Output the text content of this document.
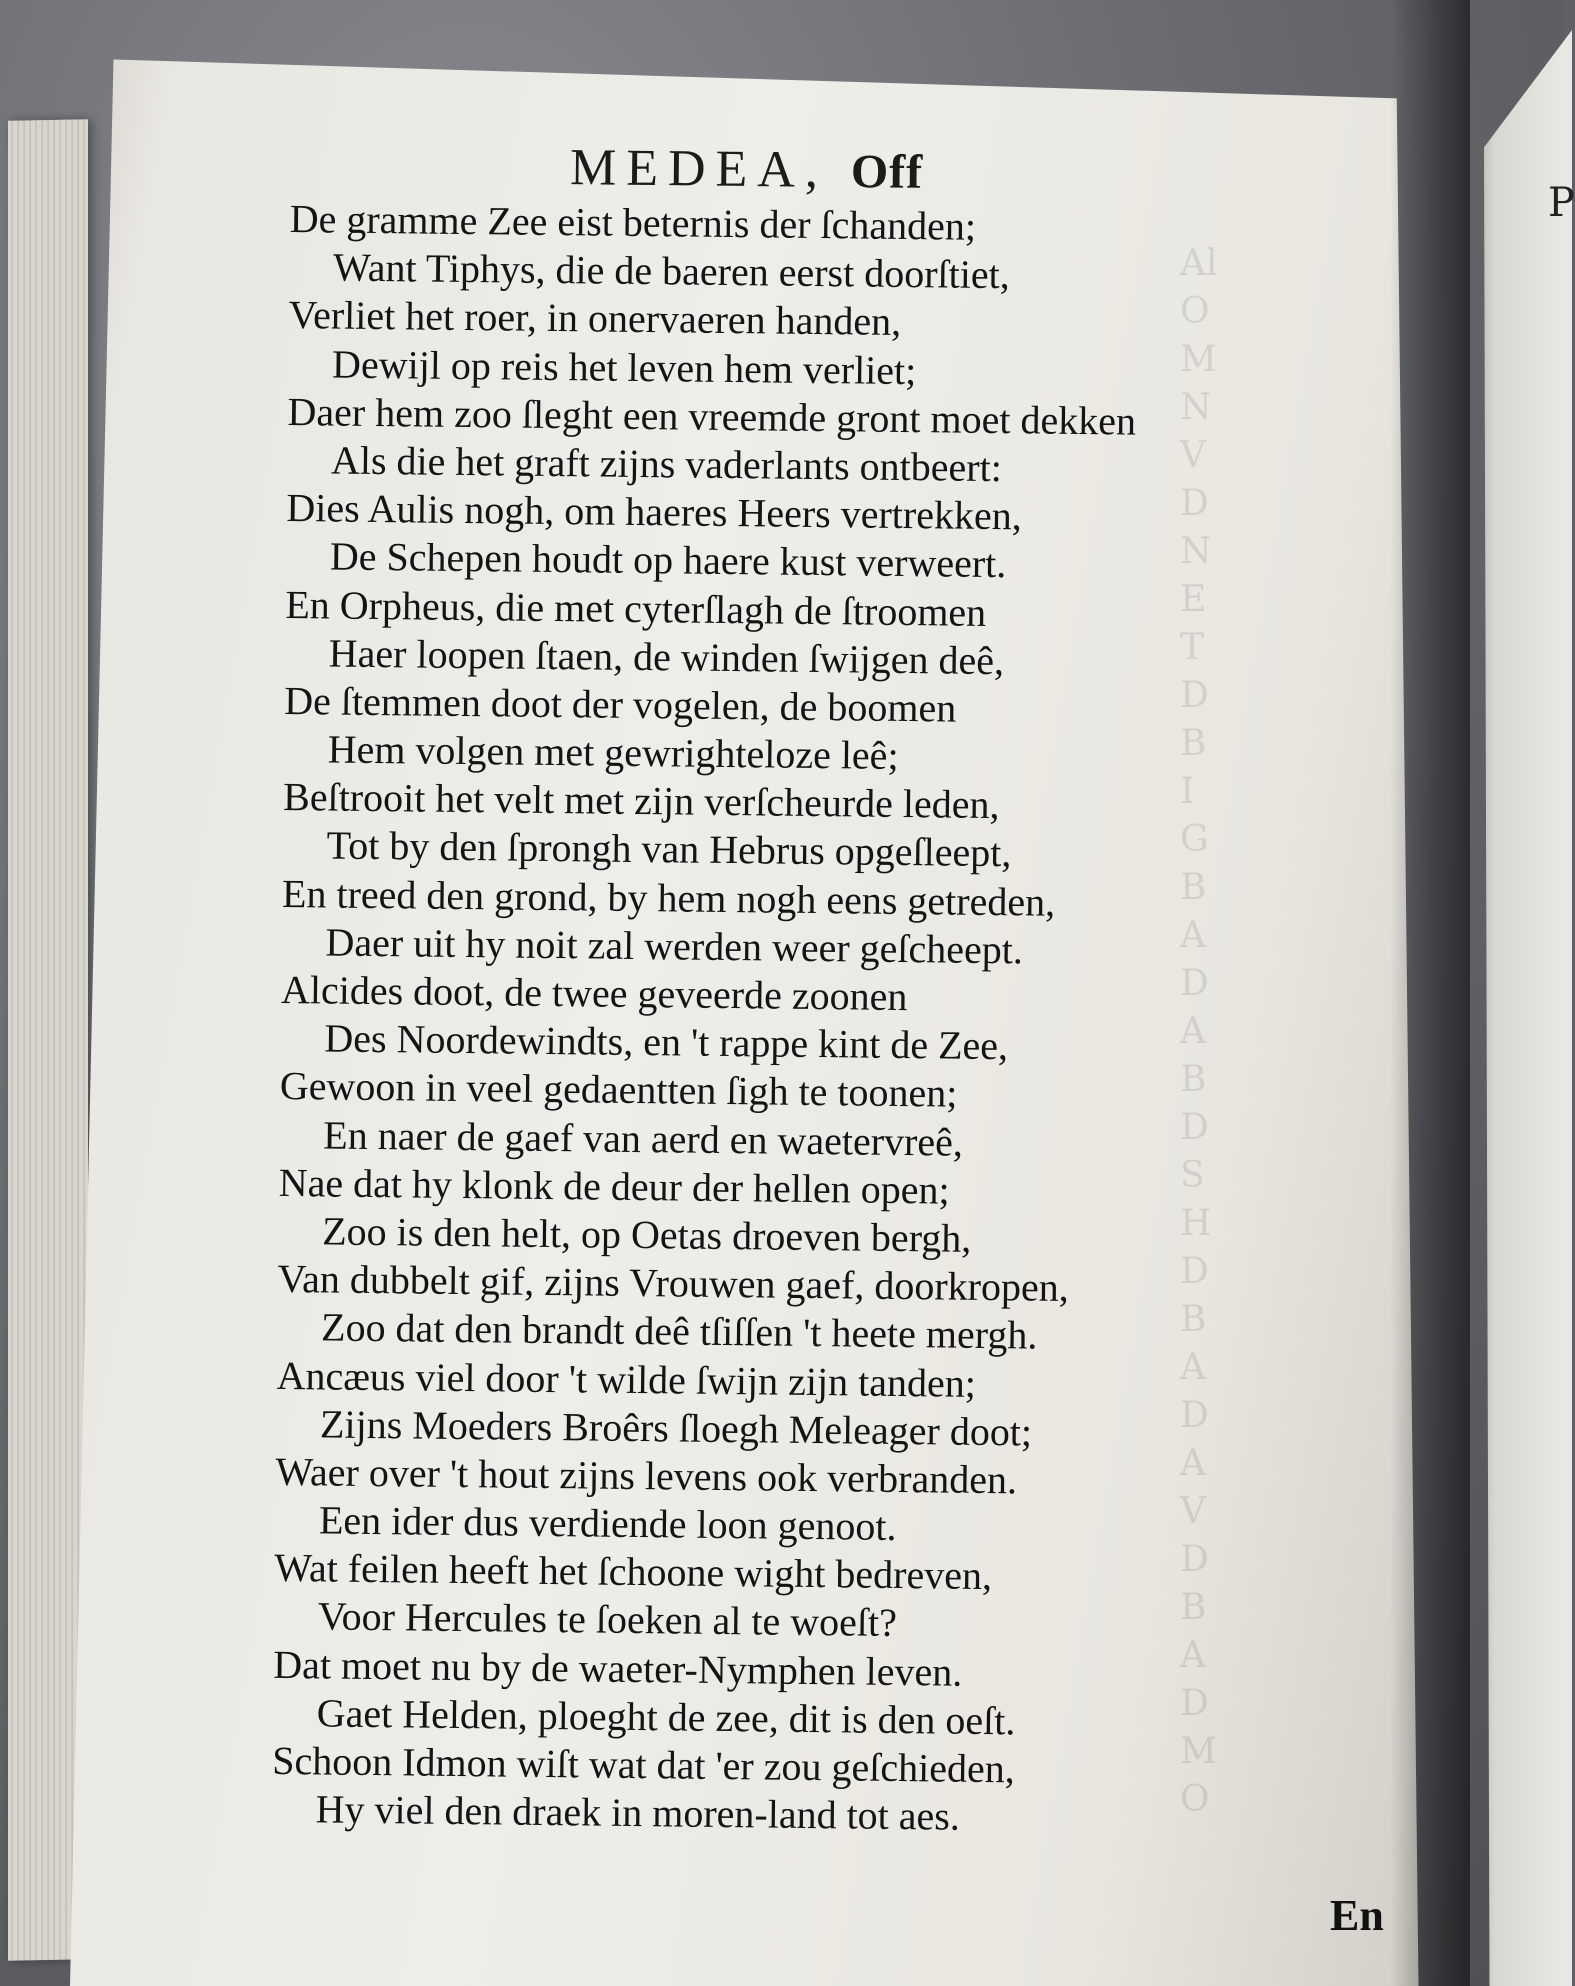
Al
O
M
N
V
D
N
E
T
D
B
I
G
B
A
D
A
B
D
S
H
D
B
A
D
A
V
D
B
A
D
M
O
P
MEDEA, Off
De gramme Zee eist beternis der ſchanden;
Want Tiphys, die de baeren eerst doorſtiet,
Verliet het roer, in onervaeren handen,
Dewijl op reis het leven hem verliet;
Daer hem zoo ſleght een vreemde gront moet dekken
Als die het graft zijns vaderlants ontbeert:
Dies Aulis nogh, om haeres Heers vertrekken,
De Schepen houdt op haere kust verweert.
En Orpheus, die met cyterſlagh de ſtroomen
Haer loopen ſtaen, de winden ſwijgen deê,
De ſtemmen doot der vogelen, de boomen
Hem volgen met gewrighteloze leê;
Beſtrooit het velt met zijn verſcheurde leden,
Tot by den ſprongh van Hebrus opgeſleept,
En treed den grond, by hem nogh eens getreden,
Daer uit hy noit zal werden weer geſcheept.
Alcides doot, de twee geveerde zoonen
Des Noordewindts, en 't rappe kint de Zee,
Gewoon in veel gedaentten ſigh te toonen;
En naer de gaef van aerd en waetervreê,
Nae dat hy klonk de deur der hellen open;
Zoo is den helt, op Oetas droeven bergh,
Van dubbelt gif, zijns Vrouwen gaef, doorkropen,
Zoo dat den brandt deê tſiſſen 't heete mergh.
Ancæus viel door 't wilde ſwijn zijn tanden;
Zijns Moeders Broêrs ſloegh Meleager doot;
Waer over 't hout zijns levens ook verbranden.
Een ider dus verdiende loon genoot.
Wat feilen heeft het ſchoone wight bedreven,
Voor Hercules te ſoeken al te woeſt?
Dat moet nu by de waeter-Nymphen leven.
Gaet Helden, ploeght de zee, dit is den oeſt.
Schoon Idmon wiſt wat dat 'er zou geſchieden,
Hy viel den draek in moren-land tot aes.
En
